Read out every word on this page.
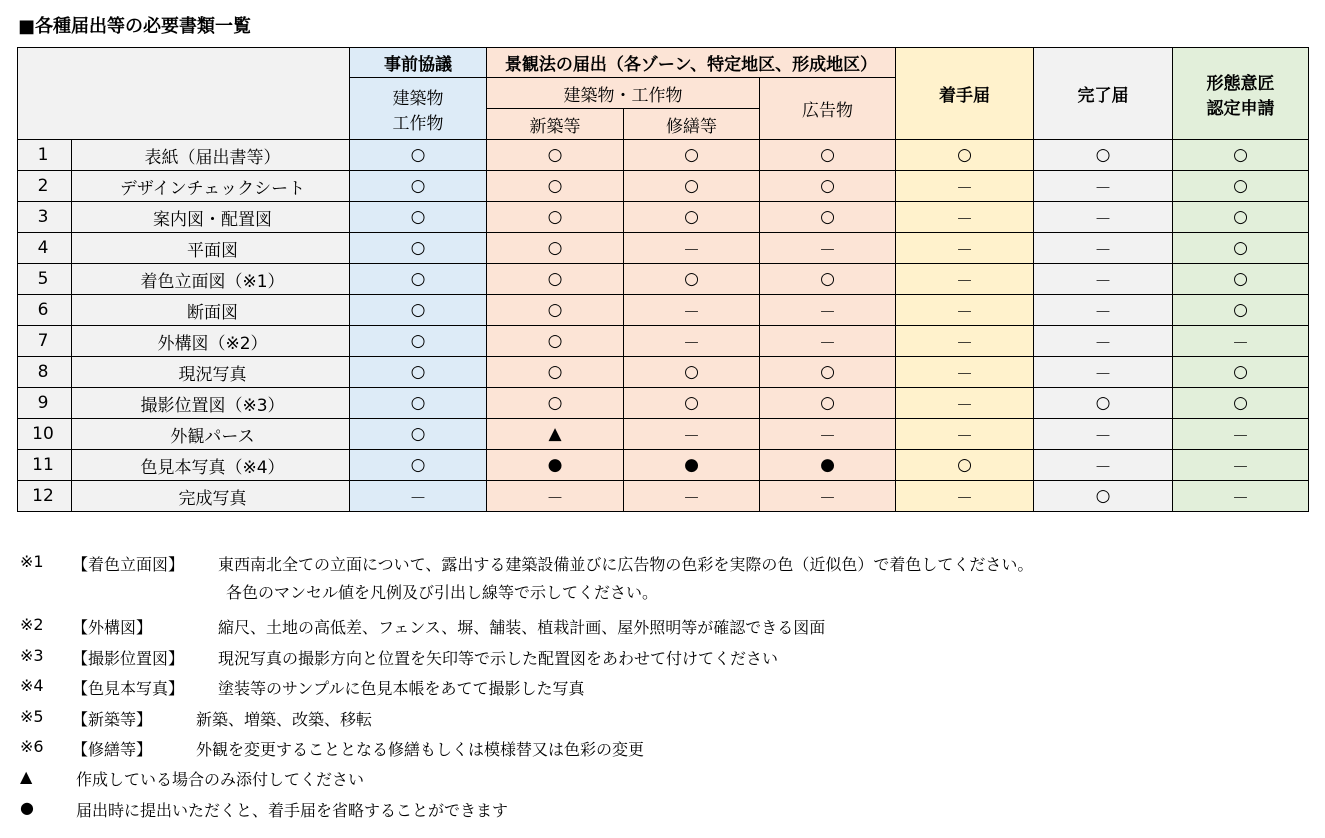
■各種届出等の必要書類一覧
		事前協議	景観法の届出（各ゾーン、特定地区、形成地区）			着手届	完了届	形態意匠
認定申請

		建築物
工作物	建築物・工作物		広告物			
			新築等	修繕等				
1	表紙（届出書等）	○	○	○	○	○	○	○
2	デザインチェックシート	○	○	○	○	－	－	○
3	案内図・配置図	○	○	○	○	－	－	○
4	平面図	○	○	－	－	－	－	○
5	着色立面図（※1）	○	○	○	○	－	－	○
6	断面図	○	○	－	－	－	－	○
7	外構図（※2）	○	○	－	－	－	－	－
8	現況写真	○	○	○	○	－	－	○
9	撮影位置図（※3）	○	○	○	○	－	○	○
10	外観パース	○	▲	－	－	－	－	－
11	色見本写真（※4）	○	●	●	●	○	－	－
12	完成写真	－	－	－	－	－	○	－
※1 【着色立面図】 東西南北全ての立面について、露出する建築設備並びに広告物の色彩を実際の色（近似色）で着色してください。
各色のマンセル値を凡例及び引出し線等で示してください。
※2 【外構図】	縮尺、土地の高低差、フェンス、塀、舗装、植栽計画、屋外照明等が確認できる図面
※3 【撮影位置図】 現況写真の撮影方向と位置を矢印等で示した配置図をあわせて付けてください
※4 【色見本写真】 塗装等のサンプルに色見本帳をあてて撮影した写真
※5 【新築等】	新築、増築、改築、移転
※6 【修繕等】	外観を変更することとなる修繕もしくは模様替又は色彩の変更
▲	作成している場合のみ添付してください
●	届出時に提出いただくと、着手届を省略することができます
